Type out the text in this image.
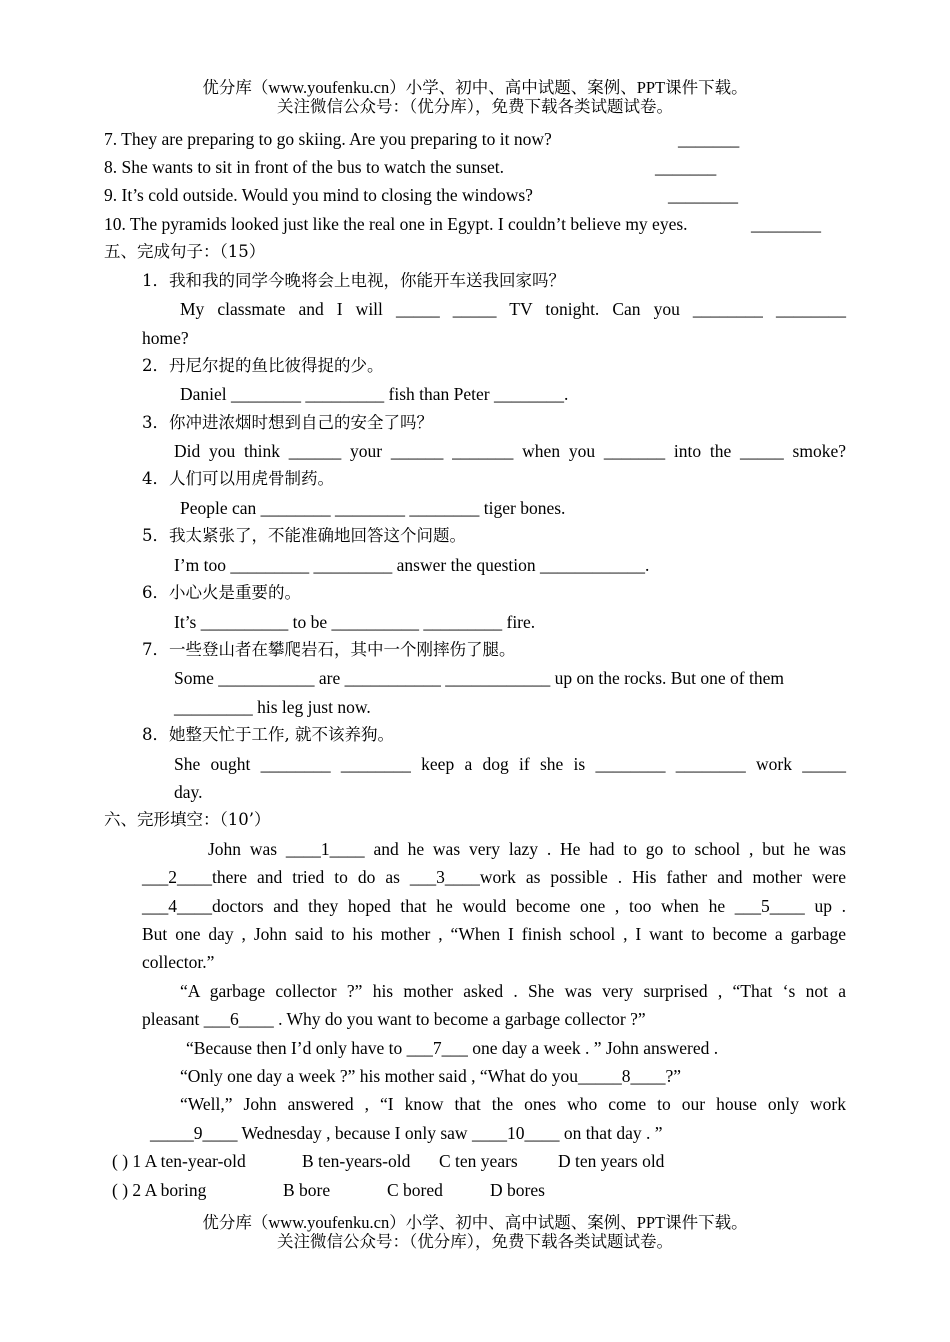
优分库（www.youfenku.cn）小学、初中、高中试题、案例、PPT课件下载。
关注微信公众号：（优分库），免费下载各类试题试卷。
7. They are preparing to go skiing. Are you preparing to it now?	_______
8. She wants to sit in front of the bus to watch the sunset.	_______
9. It’s cold outside. Would you mind to closing the windows?	________
10. The pyramids looked just like the real one in Egypt. I couldn’t believe my eyes.	________
五、完成句子：（15）
1．我和我的同学今晚将会上电视，你能开车送我回家吗？
My classmate and I will _____ _____ TV tonight. Can you ________ ________
home?
2．丹尼尔捉的鱼比彼得捉的少。
Daniel ________ _________ fish than Peter ________.
3．你冲进浓烟时想到自己的安全了吗？
Did you think ______ your ______ _______ when you _______ into the _____ smoke?
4．人们可以用虎骨制药。
People can ________ ________ ________ tiger bones.
5．我太紧张了，不能准确地回答这个问题。
I’m too _________ _________ answer the question ____________.
6．小心火是重要的。
It’s __________ to be __________ _________ fire.
7．一些登山者在攀爬岩石，其中一个刚摔伤了腿。
Some ___________ are ___________ ____________ up on the rocks. But one of them
_________ his leg just now.
8．她整天忙于工作, 就不该养狗。
She ought ________ ________ keep a dog if she is ________ ________ work _____
day.
六、完形填空：（10’）
John was ____1____ and he was very lazy . He had to go to school , but he was
___2____there and tried to do as ___3____work as possible . His father and mother were
___4____doctors and they hoped that he would become one , too when he ___5____ up .
But one day , John said to his mother , “When I finish school , I want to become a garbage
collector.”
“A garbage collector ?” his mother asked . She was very surprised , “That ‘s not a
pleasant ___6____ . Why do you want to become a garbage collector ?”
“Because then I’d only have to ___7___ one day a week . ” John answered .
“Only one day a week ?” his mother said , “What do you_____8____?”
“Well,” John answered , “I know that the ones who come to our house only work
_____9____ Wednesday , because I only saw ____10____ on that day . ”
( ) 1 A ten-year-old	B ten-years-old C ten years D ten years old
( ) 2 A boring	B bore	C bored	D bores
优分库（www.youfenku.cn）小学、初中、高中试题、案例、PPT课件下载。
关注微信公众号：（优分库），免费下载各类试题试卷。
